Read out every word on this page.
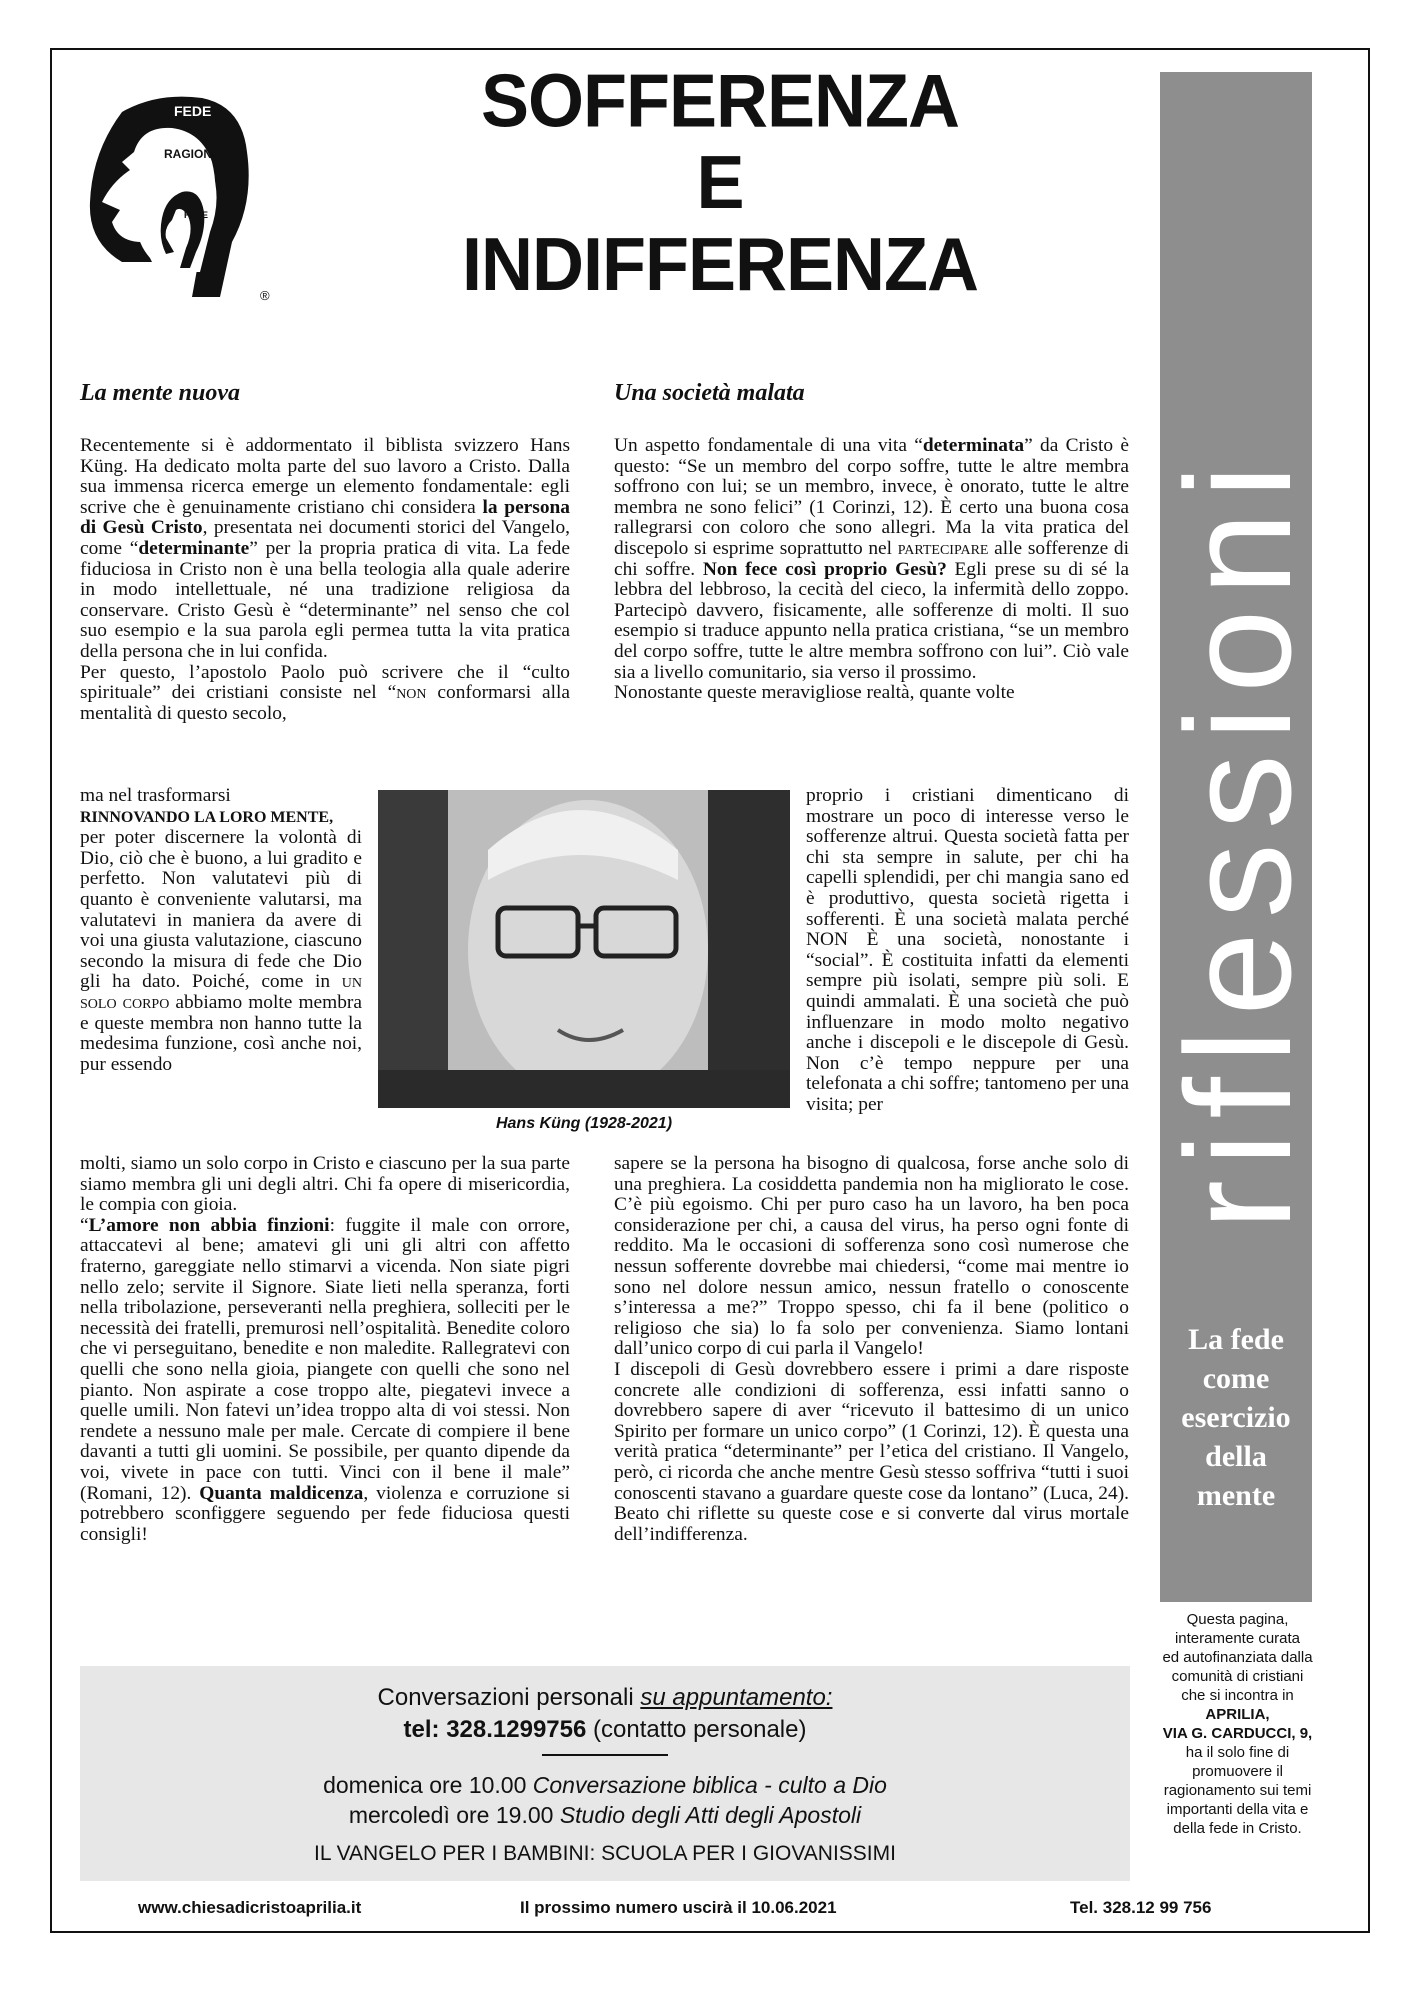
FEDE
RAGIONE
RAGIONE
FEDE
®
SOFFERENZA
E
INDIFFERENZA
riflessioni
La fede
come
esercizio
della
mente
La mente nuova

Recentemente si è addormentato il biblista svizzero Hans Küng. Ha dedicato molta parte del suo lavoro a Cristo. Dalla sua immensa ricerca emerge un elemento fondamentale: egli scrive che è genuinamente cristiano chi considera la persona di Gesù Cristo, presentata nei documenti storici del Vangelo, come “determinante” per la propria pratica di vita. La fede fiduciosa in Cristo non è una bella teologia alla quale aderire in modo intellettuale, né una tradizione religiosa da conservare. Cristo Gesù è “determinante” nel senso che col suo esempio e la sua parola egli permea tutta la vita pratica della persona che in lui confida.

Per questo, l’apostolo Paolo può scrivere che il “culto spirituale” dei cristiani consiste nel “non conformarsi alla mentalità di questo secolo,

ma nel trasformarsi
RINNOVANDO LA LORO MENTE,
per poter discernere la volontà di Dio, ciò che è buono, a lui gradito e perfetto. Non valutatevi più di quanto è conveniente valutarsi, ma valutatevi in maniera da avere di voi una giusta valutazione, ciascuno secondo la misura di fede che Dio gli ha dato. Poiché, come in un solo corpo abbiamo molte membra e queste membra non hanno tutte la medesima funzione, così anche noi, pur essendo

molti, siamo un solo corpo in Cristo e ciascuno per la sua parte siamo membra gli uni degli altri. Chi fa opere di misericordia, le compia con gioia.

“L’amore non abbia finzioni: fuggite il male con orrore, attaccatevi al bene; amatevi gli uni gli altri con affetto fraterno, gareggiate nello stimarvi a vicenda. Non siate pigri nello zelo; servite il Signore. Siate lieti nella speranza, forti nella tribolazione, perseveranti nella preghiera, solleciti per le necessità dei fratelli, premurosi nell’ospitalità. Benedite coloro che vi perseguitano, benedite e non maledite. Rallegratevi con quelli che sono nella gioia, piangete con quelli che sono nel pianto. Non aspirate a cose troppo alte, piegatevi invece a quelle umili. Non fatevi un’idea troppo alta di voi stessi. Non rendete a nessuno male per male. Cercate di compiere il bene davanti a tutti gli uomini. Se possibile, per quanto dipende da voi, vivete in pace con tutti. Vinci con il bene il male” (Romani, 12). Quanta maldicenza, violenza e corruzione si potrebbero sconfiggere seguendo per fede fiduciosa questi consigli!

Hans Küng (1928-2021)
Una società malata

Un aspetto fondamentale di una vita “determinata” da Cristo è questo: “Se un membro del corpo soffre, tutte le altre membra soffrono con lui; se un membro, invece, è onorato, tutte le altre membra ne sono felici” (1 Corinzi, 12). È certo una buona cosa rallegrarsi con coloro che sono allegri. Ma la vita pratica del discepolo si esprime soprattutto nel partecipare alle sofferenze di chi soffre. Non fece così proprio Gesù? Egli prese su di sé la lebbra del lebbroso, la cecità del cieco, la infermità dello zoppo. Partecipò davvero, fisicamente, alle sofferenze di molti. Il suo esempio si traduce appunto nella pratica cristiana, “se un membro del corpo soffre, tutte le altre membra soffrono con lui”. Ciò vale sia a livello comunitario, sia verso il prossimo.

Nonostante queste meravigliose realtà, quante volte

proprio i cristiani dimenticano di mostrare un poco di interesse verso le sofferenze altrui. Questa società fatta per chi sta sempre in salute, per chi ha capelli splendidi, per chi mangia sano ed è produttivo, questa società rigetta i sofferenti. È una società malata perché NON È una società, nonostante i “social”. È costituita infatti da elementi sempre più isolati, sempre più soli. E quindi ammalati. È una società che può influenzare in modo molto negativo anche i discepoli e le discepole di Gesù. Non c’è tempo neppure per una telefonata a chi soffre; tantomeno per una visita; per

sapere se la persona ha bisogno di qualcosa, forse anche solo di una preghiera. La cosiddetta pandemia non ha migliorato le cose. C’è più egoismo. Chi per puro caso ha un lavoro, ha ben poca considerazione per chi, a causa del virus, ha perso ogni fonte di reddito. Ma le occasioni di sofferenza sono così numerose che nessun sofferente dovrebbe mai chiedersi, “come mai mentre io sono nel dolore nessun amico, nessun fratello o conoscente s’interessa a me?” Troppo spesso, chi fa il bene (politico o religioso che sia) lo fa solo per convenienza. Siamo lontani dall’unico corpo di cui parla il Vangelo!

I discepoli di Gesù dovrebbero essere i primi a dare risposte concrete alle condizioni di sofferenza, essi infatti sanno o dovrebbero sapere di aver “ricevuto il battesimo di un unico Spirito per formare un unico corpo” (1 Corinzi, 12). È questa una verità pratica “determinante” per l’etica del cristiano. Il Vangelo, però, ci ricorda che anche mentre Gesù stesso soffriva “tutti i suoi conoscenti stavano a guardare queste cose da lontano” (Luca, 24). Beato chi riflette su queste cose e si converte dal virus mortale dell’indifferenza.

Conversazioni personali su appuntamento:
tel: 328.1299756 (contatto personale)
domenica ore 10.00 Conversazione biblica - culto a Dio
mercoledì ore 19.00 Studio degli Atti degli Apostoli
IL VANGELO PER I BAMBINI: SCUOLA PER I GIOVANISSIMI
Questa pagina,
interamente curata
ed autofinanziata dalla
comunità di cristiani
che si incontra in
APRILIA,
VIA G. CARDUCCI, 9,
ha il solo fine di
promuovere il
ragionamento sui temi
importanti della vita e
della fede in Cristo.
www.chiesadicristoaprilia.it	Il prossimo numero uscirà il 10.06.2021	Tel. 328.12 99 756
